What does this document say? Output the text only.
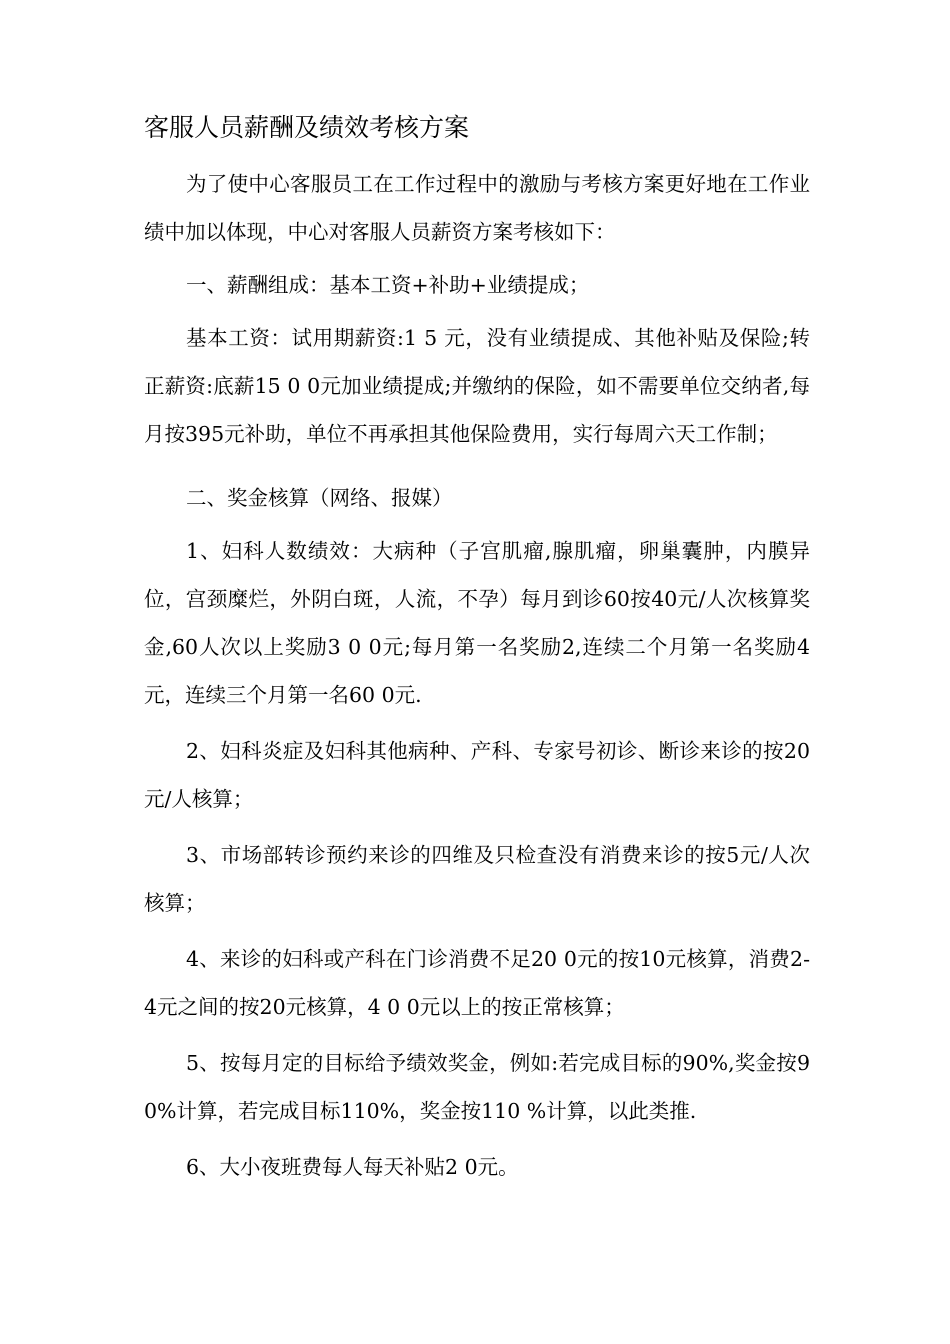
客服人员薪酬及绩效考核方案

为了使中心客服员工在工作过程中的激励与考核方案更好地在工作业绩中加以体现，中心对客服人员薪资方案考核如下：

一、薪酬组成：基本工资+补助+业绩提成；

基本工资：试用期薪资:1 5 元，没有业绩提成、其他补贴及保险;转正薪资:底薪15 0 0元加业绩提成;并缴纳的保险，如不需要单位交纳者,每月按395元补助，单位不再承担其他保险费用，实行每周六天工作制；

二、奖金核算（网络、报媒）

1、妇科人数绩效：大病种（子宫肌瘤,腺肌瘤，卵巢囊肿，内膜异位，宫颈糜烂，外阴白斑，人流，不孕）每月到诊60按40元/人次核算奖金,60人次以上奖励3 0 0元;每月第一名奖励2,连续二个月第一名奖励4元，连续三个月第一名60 0元.

2、妇科炎症及妇科其他病种、产科、专家号初诊、断诊来诊的按20元/人核算；

3、市场部转诊预约来诊的四维及只检查没有消费来诊的按5元/人次核算；

4、来诊的妇科或产科在门诊消费不足20 0元的按10元核算，消费2-4元之间的按20元核算，4 0 0元以上的按正常核算；

5、按每月定的目标给予绩效奖金，例如:若完成目标的90%,奖金按9 0%计算，若完成目标110%，奖金按110 %计算，以此类推.

6、大小夜班费每人每天补贴2 0元。
